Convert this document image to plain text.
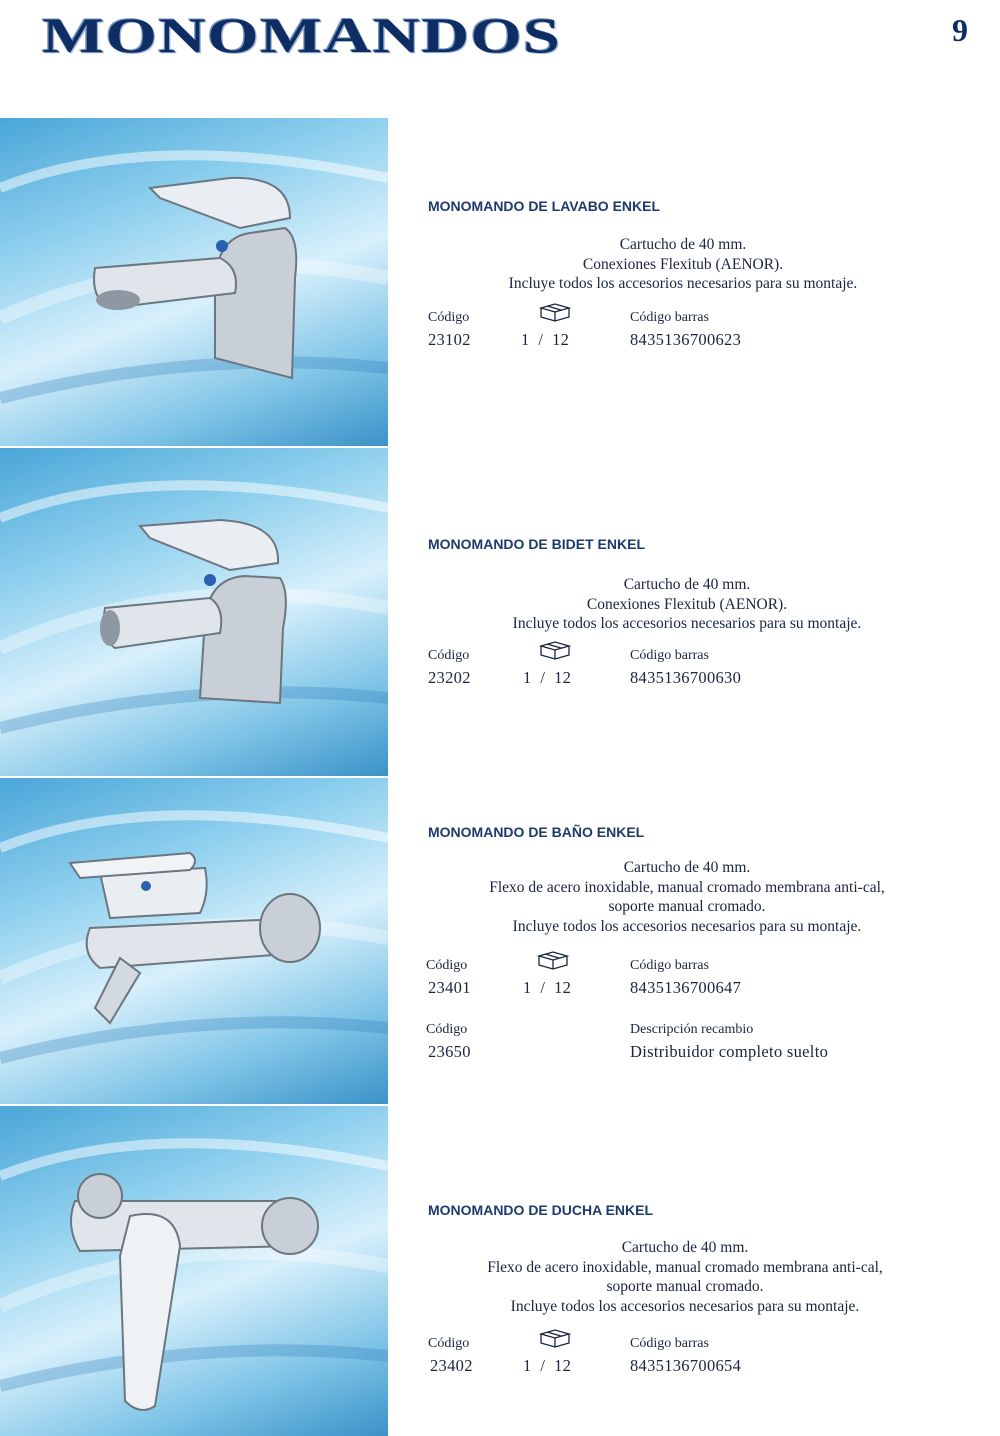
MONOMANDOS	9
MONOMANDO DE LAVABO ENKEL
Cartucho de 40 mm.
Conexiones Flexitub (AENOR).
Incluye todos los accesorios necesarios para su montaje.
Código	Código barras
23102	1  /  12	8435136700623
MONOMANDO DE BIDET ENKEL
Cartucho de 40 mm.
Conexiones Flexitub (AENOR).
Incluye todos los accesorios necesarios para su montaje.
Código	Código barras
23202	1  /  12	8435136700630
MONOMANDO DE BAÑO ENKEL
Cartucho de 40 mm.
Flexo de acero inoxidable, manual cromado membrana anti-cal,
soporte manual cromado.
Incluye todos los accesorios necesarios para su montaje.
Código	Código barras
23401	1  /  12	8435136700647
Código	Descripción recambio
23650	Distribuidor completo suelto
MONOMANDO DE DUCHA ENKEL
Cartucho de 40 mm.
Flexo de acero inoxidable, manual cromado membrana anti-cal,
soporte manual cromado.
Incluye todos los accesorios necesarios para su montaje.
Código	Código barras
23402	1  /  12	8435136700654
